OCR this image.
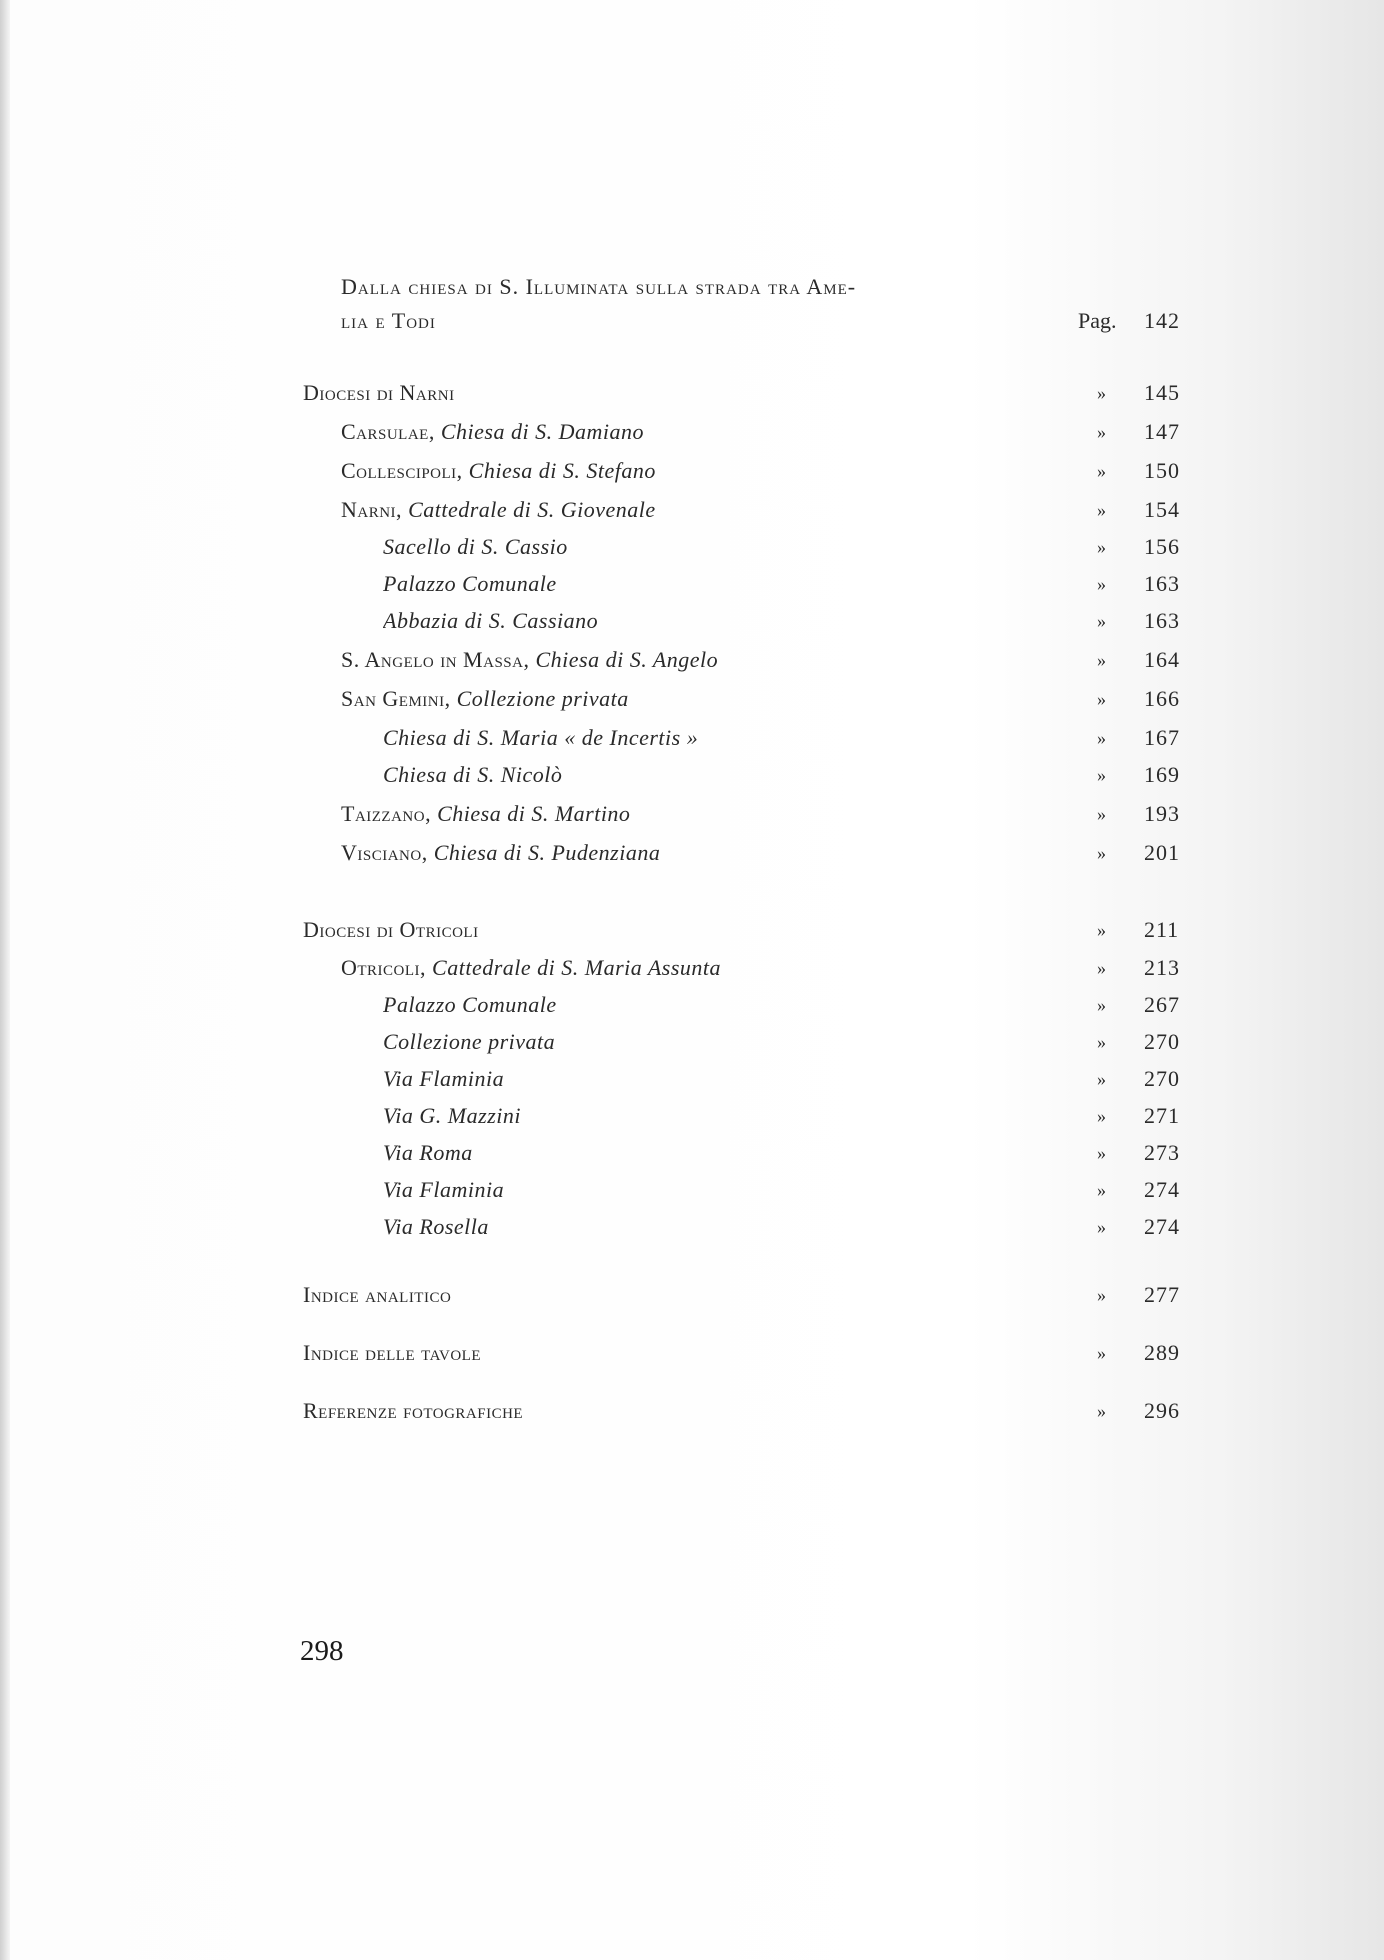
Dalla chiesa di S. Illuminata sulla strada tra Ame-
lia e Todi	Pag. 142
Diocesi di Narni	» 145
Carsulae, Chiesa di S. Damiano	» 147
Collescipoli, Chiesa di S. Stefano	» 150
Narni, Cattedrale di S. Giovenale	» 154
Sacello di S. Cassio	» 156
Palazzo Comunale	» 163
Abbazia di S. Cassiano	» 163
S. Angelo in Massa, Chiesa di S. Angelo	» 164
San Gemini, Collezione privata	» 166
Chiesa di S. Maria « de Incertis »	» 167
Chiesa di S. Nicolò	» 169
Taizzano, Chiesa di S. Martino	» 193
Visciano, Chiesa di S. Pudenziana	» 201
Diocesi di Otricoli	» 211
Otricoli, Cattedrale di S. Maria Assunta	» 213
Palazzo Comunale	» 267
Collezione privata	» 270
Via Flaminia	» 270
Via G. Mazzini	» 271
Via Roma	» 273
Via Flaminia	» 274
Via Rosella	» 274
Indice analitico	» 277
Indice delle tavole	» 289
Referenze fotografiche	» 296
298
